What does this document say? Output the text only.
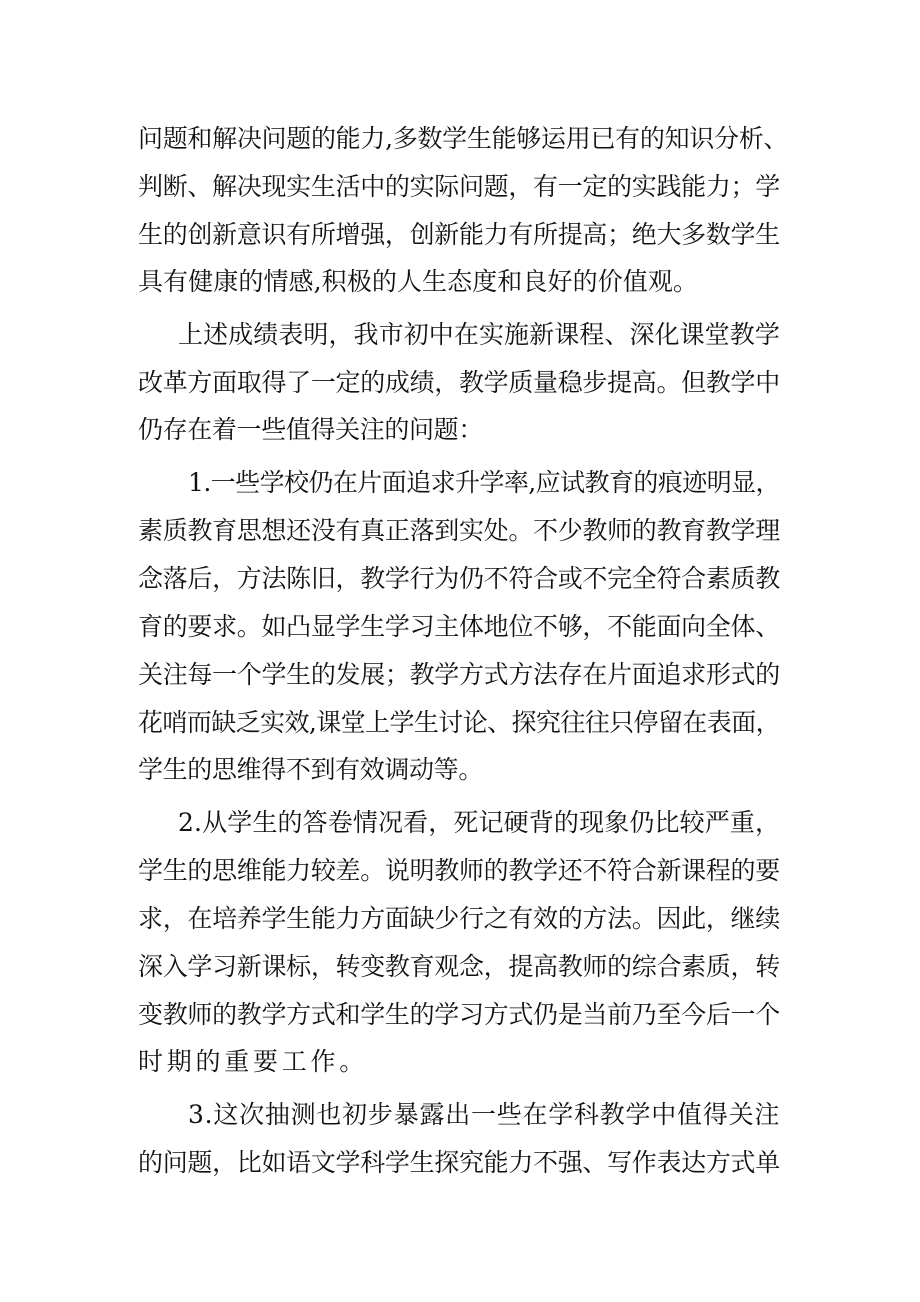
问题和解决问题的能力,多数学生能够运用已有的知识分析、
判断、解决现实生活中的实际问题，有一定的实践能力；学
生的创新意识有所增强，创新能力有所提高；绝大多数学生
具有健康的情感,积极的人生态度和良好的价值观。
上述成绩表明，我市初中在实施新课程、深化课堂教学
改革方面取得了一定的成绩，教学质量稳步提高。但教学中
仍存在着一些值得关注的问题：
1.一些学校仍在片面追求升学率,应试教育的痕迹明显，
素质教育思想还没有真正落到实处。不少教师的教育教学理
念落后，方法陈旧，教学行为仍不符合或不完全符合素质教
育的要求。如凸显学生学习主体地位不够，不能面向全体、
关注每一个学生的发展；教学方式方法存在片面追求形式的
花哨而缺乏实效,课堂上学生讨论、探究往往只停留在表面，
学生的思维得不到有效调动等。
2.从学生的答卷情况看，死记硬背的现象仍比较严重，
学生的思维能力较差。说明教师的教学还不符合新课程的要
求，在培养学生能力方面缺少行之有效的方法。因此，继续
深入学习新课标，转变教育观念，提高教师的综合素质，转
变教师的教学方式和学生的学习方式仍是当前乃至今后一个
时期的重要工作。
3.这次抽测也初步暴露出一些在学科教学中值得关注
的问题，比如语文学科学生探究能力不强、写作表达方式单
